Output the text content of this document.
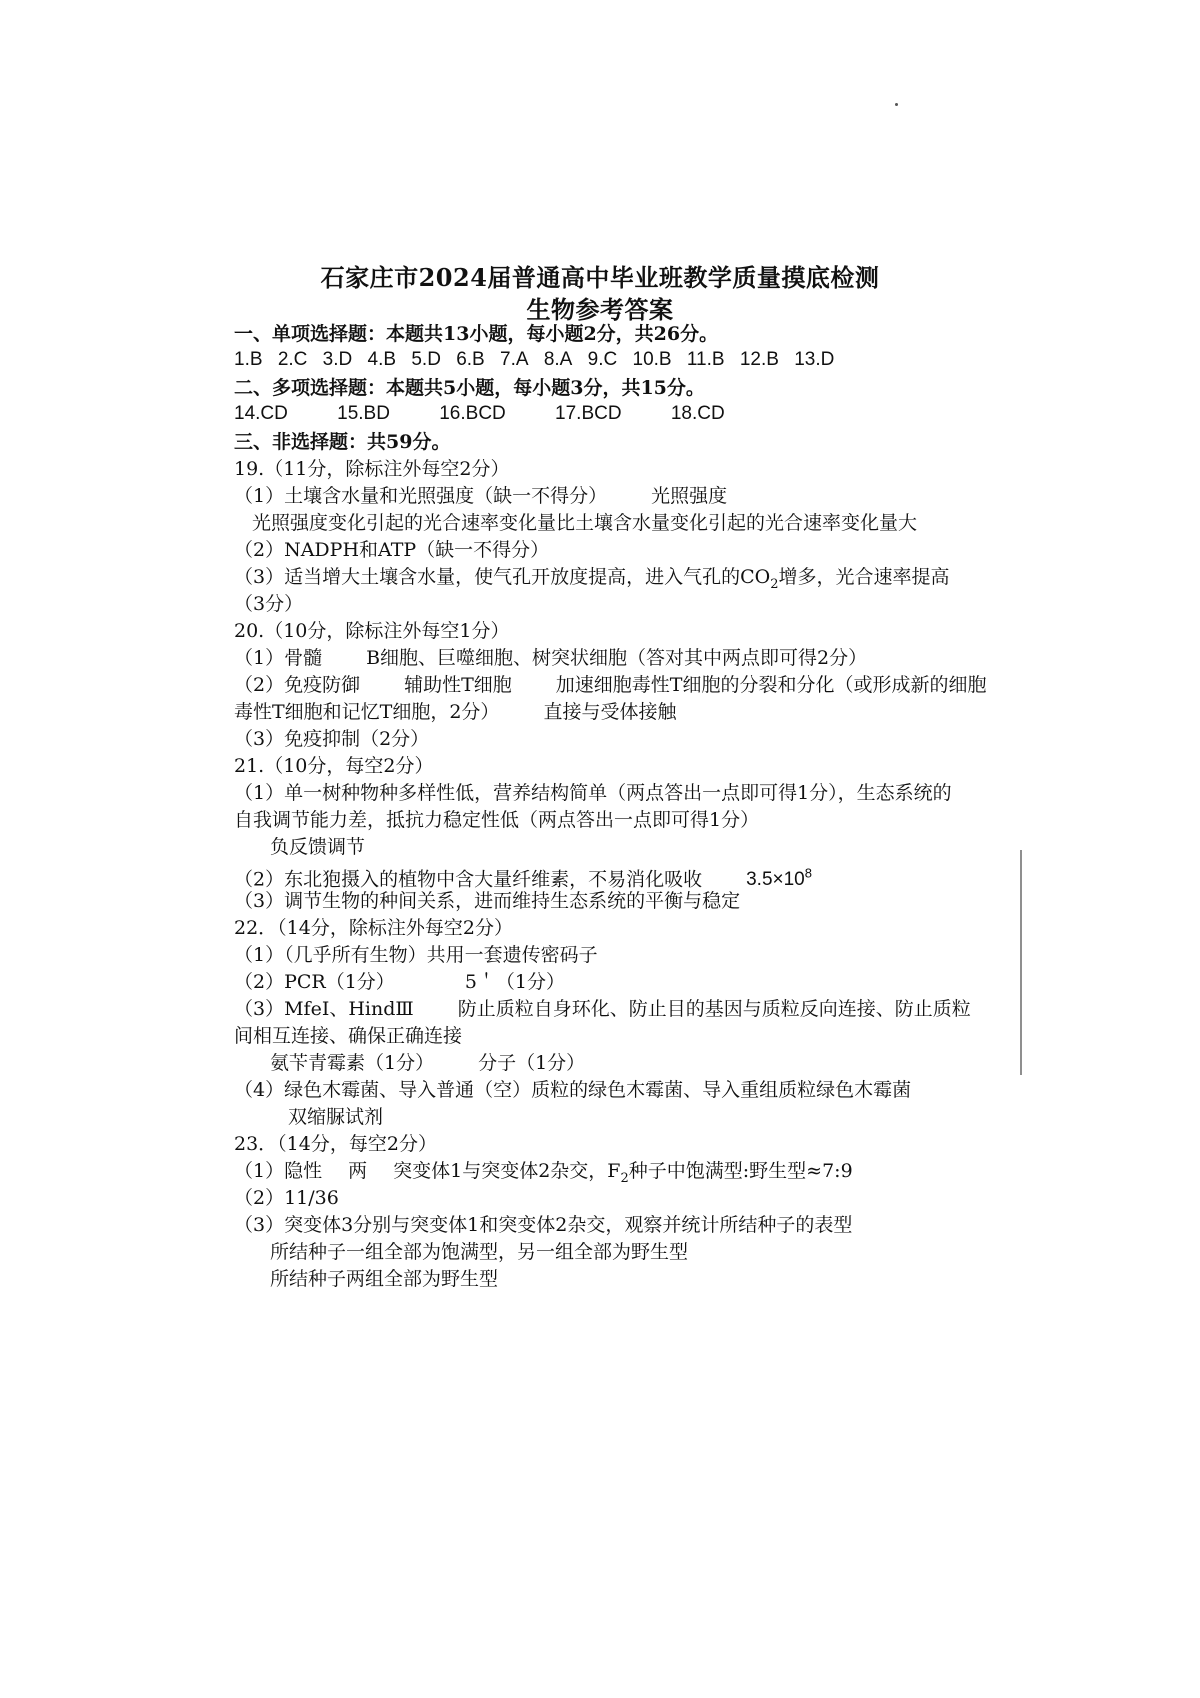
石家庄市2024届普通高中毕业班教学质量摸底检测
生物参考答案
一、单项选择题：本题共13小题，每小题2分，共26分。
1.B 2.C 3.D 4.B 5.D 6.B 7.A 8.A 9.C 10.B 11.B 12.B 13.D
二、多项选择题：本题共5小题，每小题3分，共15分。
14.CD	15.BD	16.BCD	17.BCD	18.CD
三、非选择题：共59分。
19.（11分，除标注外每空2分）
（1）土壤含水量和光照强度（缺一不得分） 光照强度
光照强度变化引起的光合速率变化量比土壤含水量变化引起的光合速率变化量大
（2）NADPH和ATP（缺一不得分）
（3）适当增大土壤含水量，使气孔开放度提高，进入气孔的$CO_2$增多，光合速率提高
（3分）
20.（10分，除标注外每空1分）
（1）骨髓 B细胞、巨噬细胞、树突状细胞（答对其中两点即可得2分）
（2）免疫防御 辅助性T细胞 加速细胞毒性T细胞的分裂和分化（或形成新的细胞
毒性T细胞和记忆T细胞，2分） 直接与受体接触
（3）免疫抑制（2分）
21.（10分，每空2分）
（1）单一树种物种多样性低，营养结构简单（两点答出一点即可得1分），生态系统的
自我调节能力差，抵抗力稳定性低（两点答出一点即可得1分）
负反馈调节
（2）东北狍摄入的植物中含大量纤维素，不易消化吸收 $3.5\times 10^8$
（3）调节生物的种间关系，进而维持生态系统的平衡与稳定
22．（14分，除标注外每空2分）
（1）（几乎所有生物）共用一套遗传密码子
（2）PCR（1分）	5＇（1分）
（3）MfeⅠ、HindⅢ 防止质粒自身环化、防止目的基因与质粒反向连接、防止质粒
间相互连接、确保正确连接
氨苄青霉素（1分） 分子（1分）
（4）绿色木霉菌、导入普通（空）质粒的绿色木霉菌、导入重组质粒绿色木霉菌
双缩脲试剂
23．（14分，每空2分）
（1）隐性 两 突变体1与突变体2杂交，$F_2$种子中饱满型:野生型≈7:9
（2）11/36
（3）突变体3分别与突变体1和突变体2杂交，观察并统计所结种子的表型
所结种子一组全部为饱满型，另一组全部为野生型
所结种子两组全部为野生型
